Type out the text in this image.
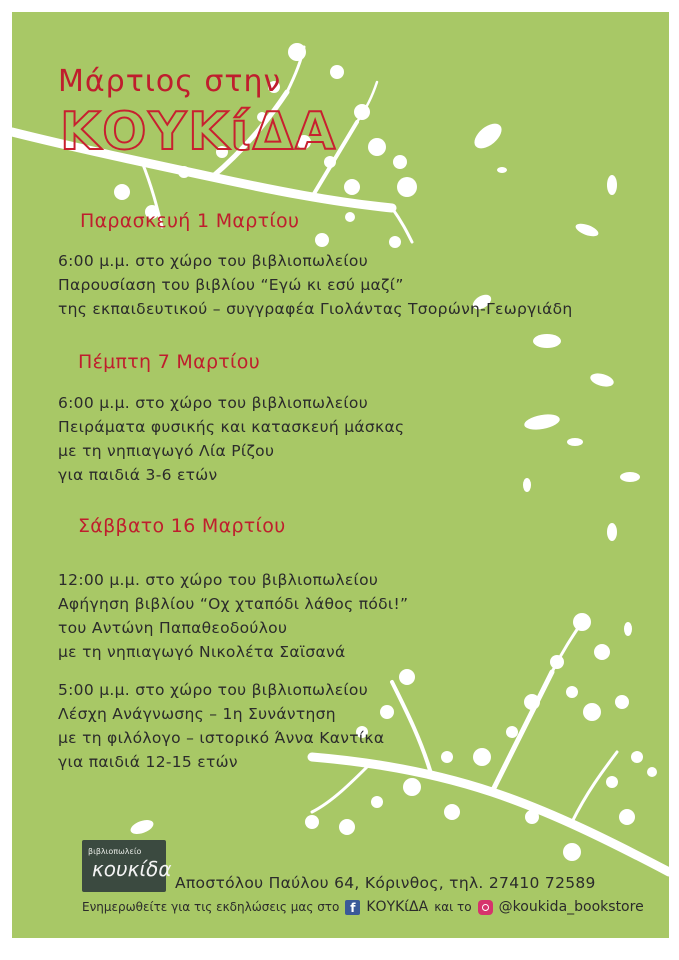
Μάρτιος στην
ΚΟΥΚίΔΑ
Παρασκευή 1 Μαρτίου
6:00 μ.μ. στο χώρο του βιβλιοπωλείου
Παρουσίαση του βιβλίου “Εγώ κι εσύ μαζί”
της εκπαιδευτικού – συγγραφέα Γιολάντας Τσορώνη-Γεωργιάδη
Πέμπτη 7 Μαρτίου
6:00 μ.μ. στο χώρο του βιβλιοπωλείου
Πειράματα φυσικής και κατασκευή μάσκας
με τη νηπιαγωγό Λία Ρίζου
για παιδιά 3-6 ετών
Σάββατο 16 Μαρτίου
12:00 μ.μ. στο χώρο του βιβλιοπωλείου
Αφήγηση βιβλίου “Οχ χταπόδι λάθος πόδι!”
του Αντώνη Παπαθεοδούλου
με τη νηπιαγωγό Νικολέτα Σαϊσανά
5:00 μ.μ. στο χώρο του βιβλιοπωλείου
Λέσχη Ανάγνωσης – 1η Συνάντηση
με τη φιλόλογο – ιστορικό Άννα Καντίκα
για παιδιά 12-15 ετών
βιβλιοπωλείο
κουκίδα
Αποστόλου Παύλου 64, Κόρινθος, τηλ. 27410 72589
Ενημερωθείτε για τις εκδηλώσεις μας στο f ΚΟΥΚίΔΑ και το @koukida_bookstore
